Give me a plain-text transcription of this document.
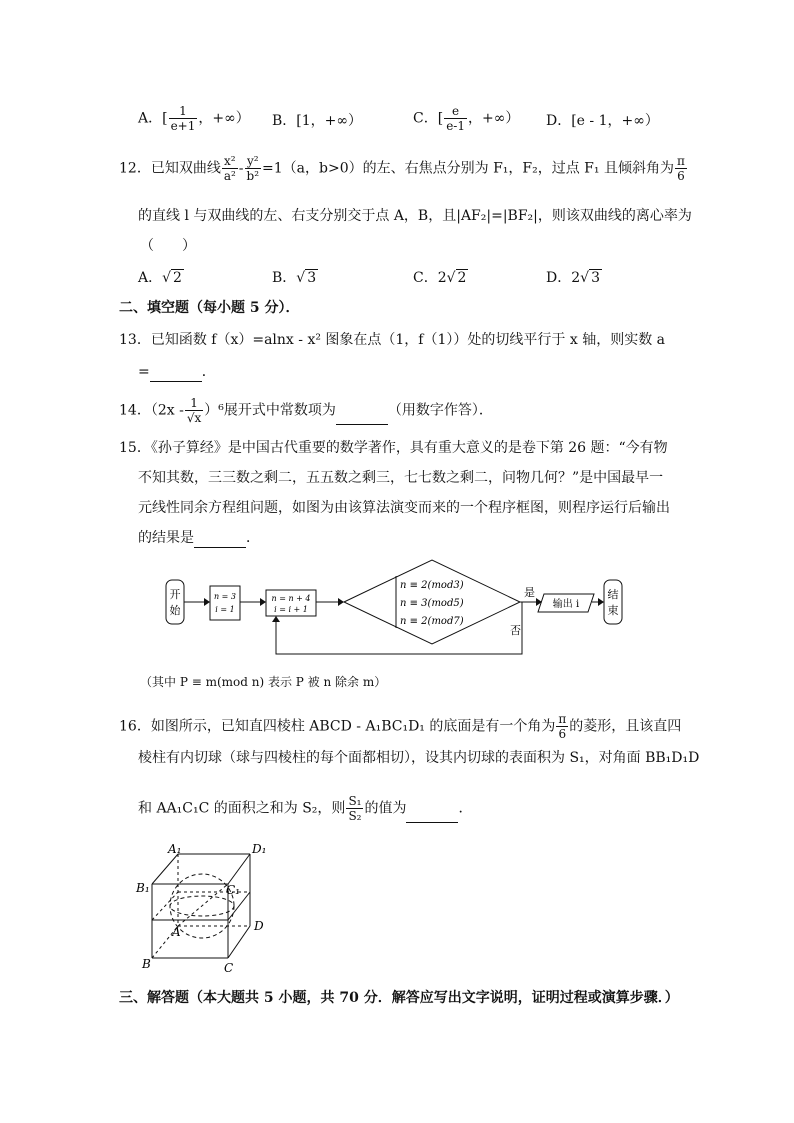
A．[ $\frac{1}{e+1}$ ，+∞） B．[1，+∞）	C．[ $\frac{e}{e-1}$ ，+∞） D．[e - 1，+∞）
12．已知双曲线 $\frac{\text{x²}}{\text{a²}} - \frac{\text{y²}}{\text{b²}} =1(a$，b>0）的左、右焦点分别为 F₁，F₂，过点 F₁ 且倾斜角为 $\frac{\pi}{6}$
的直线 l 与双曲线的左、右支分别交于点 A，B，且|AF₂|=|BF₂|，则该双曲线的离心率为
（　　）
A．√ 2	B．√ 3	C．2√ 2	D．2√ 3
二、填空题（每小题 5 分）．
13．已知函数 f（x）=alnx - x² 图象在点（1，f（1））处的切线平行于 x 轴，则实数 a
=	．
14．$(2x - \frac{1}{√x} )^6$展开式中常数项为	（用数字作答）．
15．《孙子算经》是中国古代重要的数学著作，具有重大意义的是卷下第 26 题：“今有物
不知其数，三三数之剩二，五五数之剩三，七七数之剩二，问物几何？”是中国最早一
元线性同余方程组问题，如图为由该算法演变而来的一个程序框图，则程序运行后输出
的结果是	．
开
始
n = 3
i = 1
n = n + 4
i = i + 1
n ≡ 2(mod3)
n ≡ 3(mod5)
n ≡ 2(mod7)
是
输出 i
结
束
否
（其中 P ≡ m(mod n) 表示 P 被 n 除余 m）
16．如图所示，已知直四棱柱 ABCD - A₁BC₁D₁ 的底面是有一个角为 $\frac{\pi}{6}$ 的菱形，且该直四
棱柱有内切球（球与四棱柱的每个面都相切），设其内切球的表面积为 S₁，对角面 BB₁D₁D
和 AA₁C₁C 的面积之和为 S₂，则 $\frac{\text{S₁}}{\text{S₂}}$ 的值为	．
A₁	D₁
B₁	C₁
A	D
B	C
三、解答题（本大题共 5 小题，共 70 分．解答应写出文字说明，证明过程或演算步骤．）
